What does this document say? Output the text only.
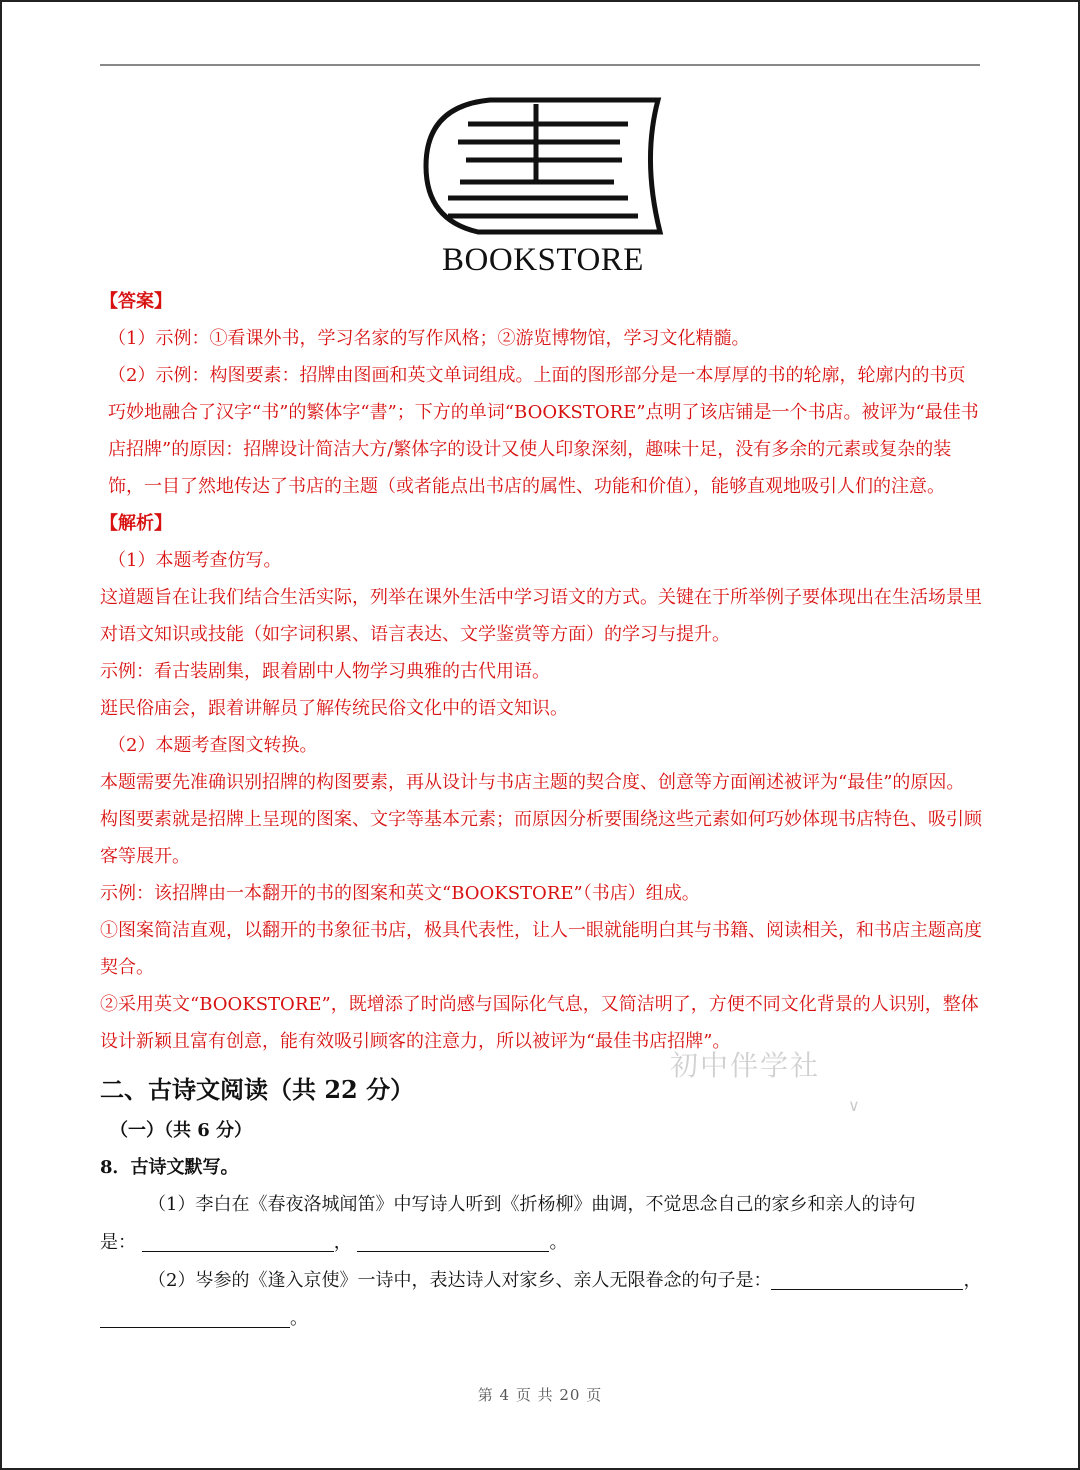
BOOKSTORE

【答案】

（1）示例：①看课外书，学习名家的写作风格；②游览博物馆，学习文化精髓。

（2）示例：构图要素：招牌由图画和英文单词组成。上面的图形部分是一本厚厚的书的轮廓，轮廓内的书页巧妙地融合了汉字“书”的繁体字“書”；下方的单词“BOOKSTORE”点明了该店铺是一个书店。被评为“最佳书店招牌”的原因：招牌设计简洁大方/繁体字的设计又使人印象深刻，趣味十足，没有多余的元素或复杂的装饰，一目了然地传达了书店的主题（或者能点出书店的属性、功能和价值），能够直观地吸引人们的注意。

【解析】

（1）本题考查仿写。

这道题旨在让我们结合生活实际，列举在课外生活中学习语文的方式。关键在于所举例子要体现出在生活场景里对语文知识或技能（如字词积累、语言表达、文学鉴赏等方面）的学习与提升。

示例：看古装剧集，跟着剧中人物学习典雅的古代用语。

逛民俗庙会，跟着讲解员了解传统民俗文化中的语文知识。

（2）本题考查图文转换。

本题需要先准确识别招牌的构图要素，再从设计与书店主题的契合度、创意等方面阐述被评为“最佳”的原因。构图要素就是招牌上呈现的图案、文字等基本元素；而原因分析要围绕这些元素如何巧妙体现书店特色、吸引顾客等展开。

示例：该招牌由一本翻开的书的图案和英文“BOOKSTORE”（书店）组成。

①图案简洁直观，以翻开的书象征书店，极具代表性，让人一眼就能明白其与书籍、阅读相关，和书店主题高度契合。

②采用英文“BOOKSTORE”，既增添了时尚感与国际化气息，又简洁明了，方便不同文化背景的人识别，整体设计新颖且富有创意，能有效吸引顾客的注意力，所以被评为“最佳书店招牌”。

二、古诗文阅读（共 22 分）
（一）（共 6 分）
8．古诗文默写。
（1）李白在《春夜洛城闻笛》中写诗人听到《折杨柳》曲调，不觉思念自己的家乡和亲人的诗句
是：	，	。
（2）岑参的《逢入京使》一诗中，表达诗人对家乡、亲人无限眷念的句子是：	，
。
初中伴学社
∨
第 4 页 共 20 页
